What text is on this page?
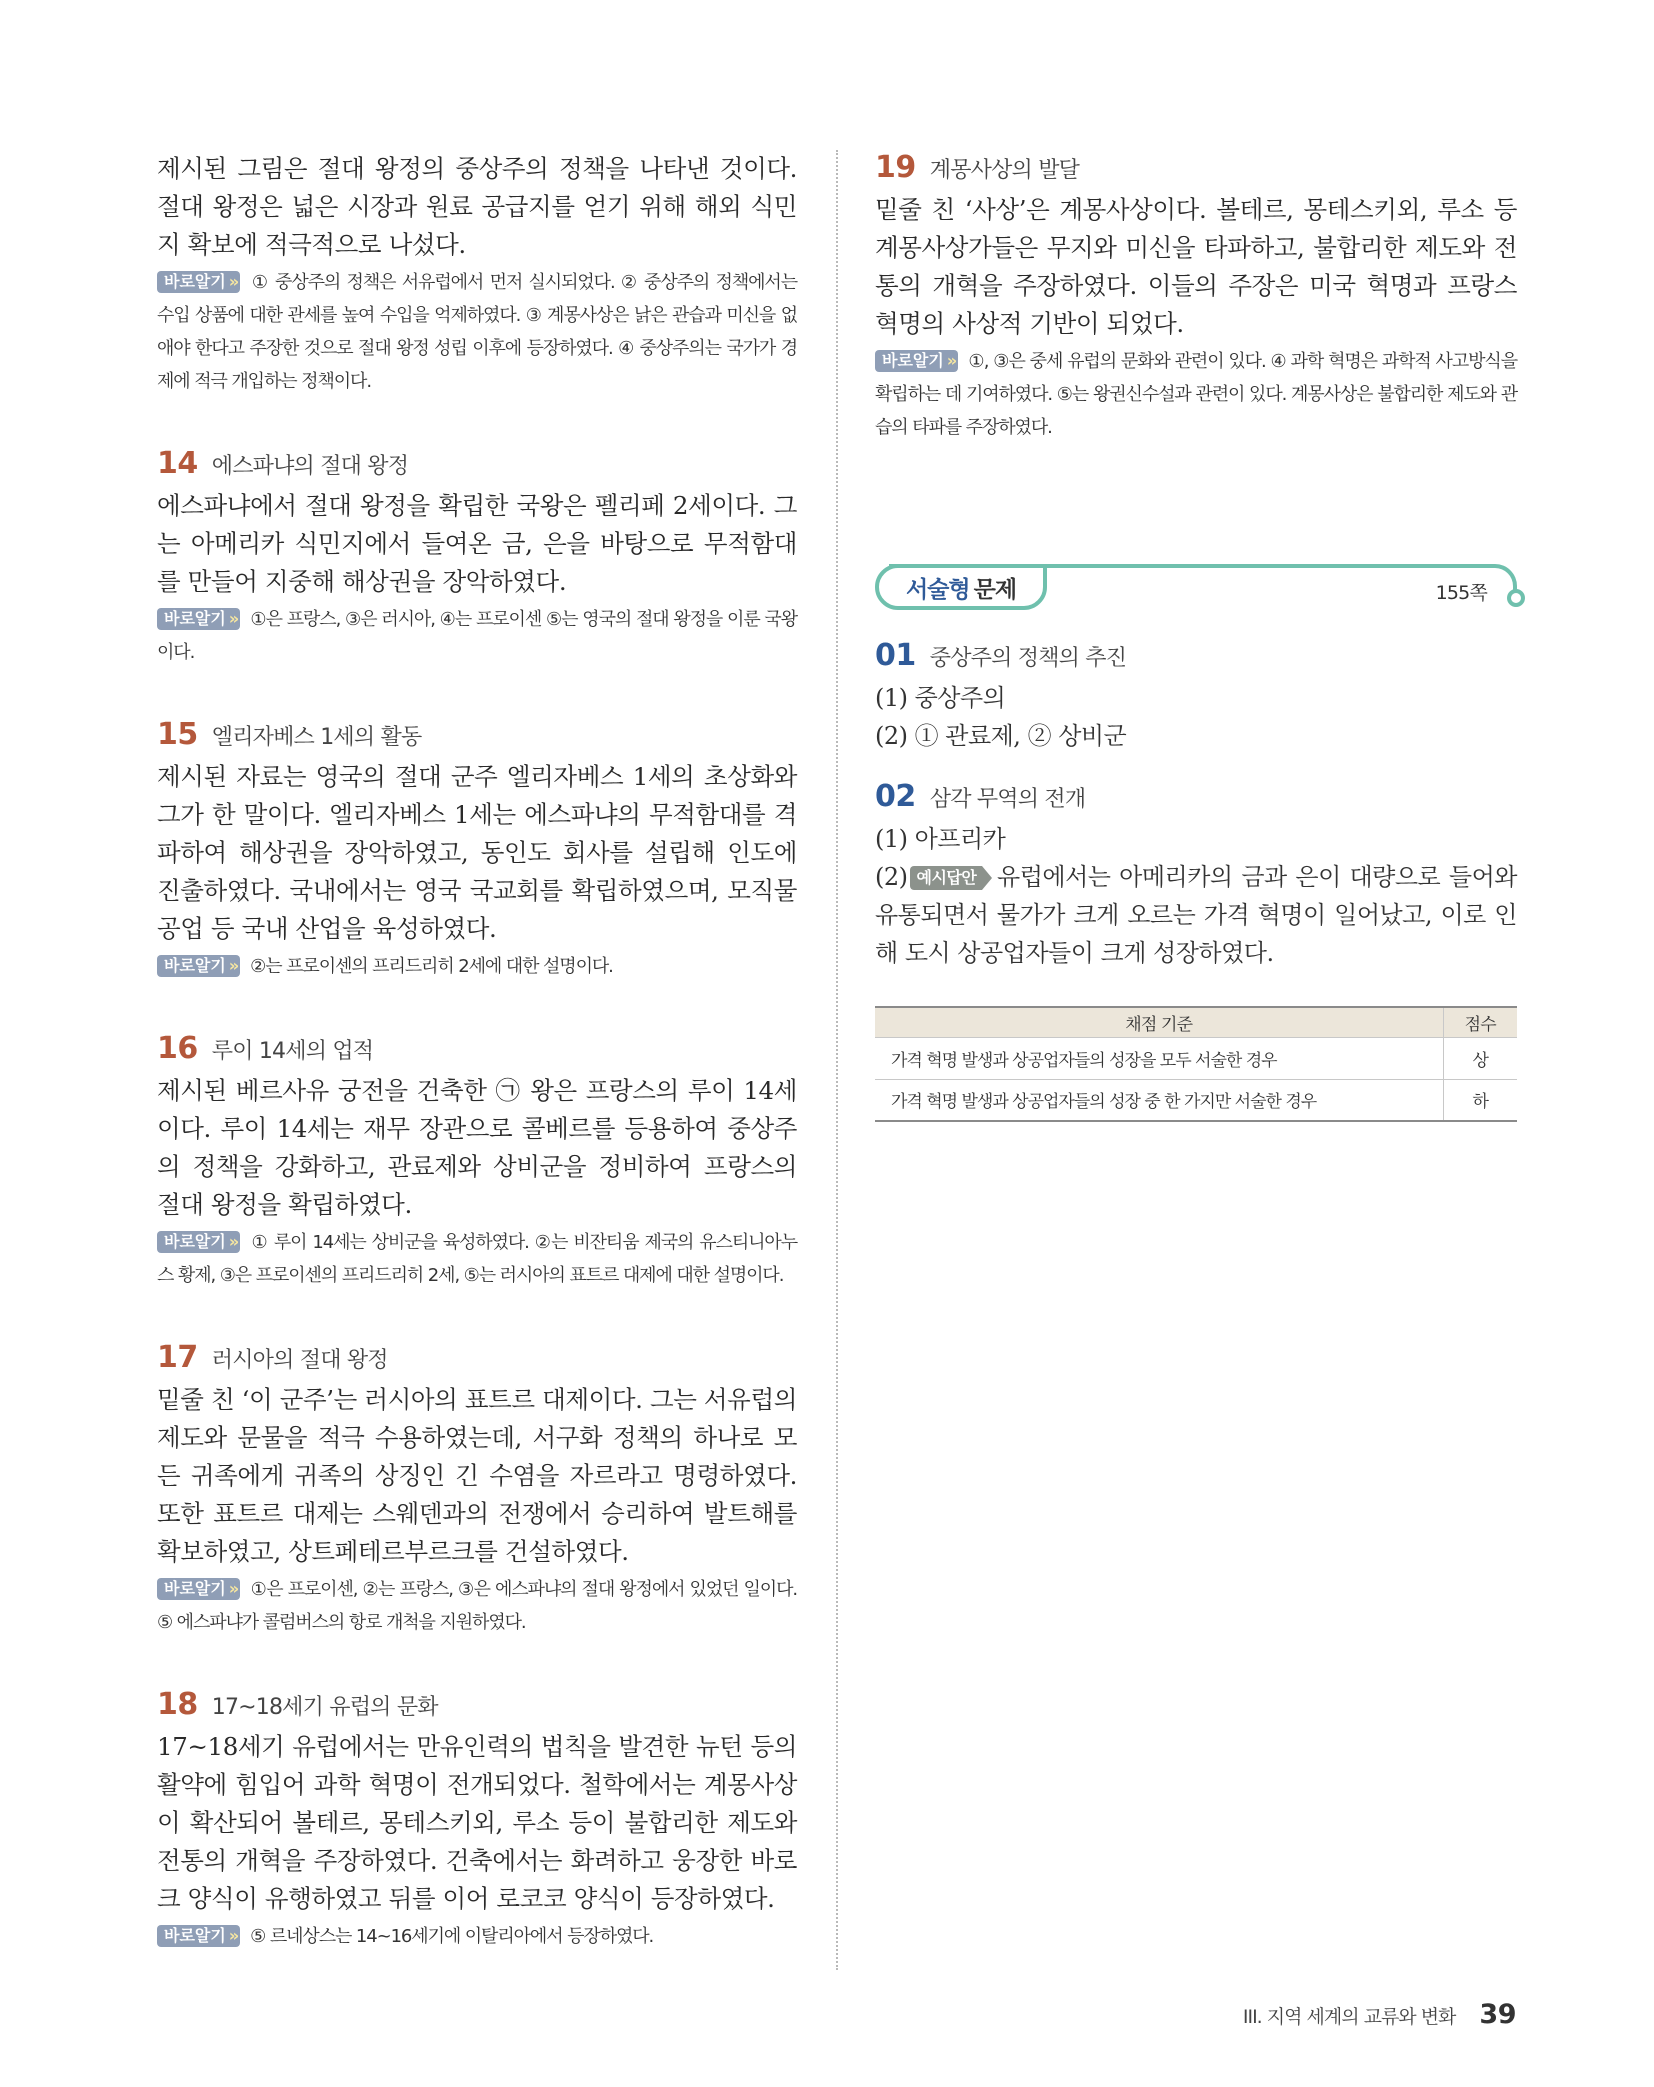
제시된 그림은 절대 왕정의 중상주의 정책을 나타낸 것이다. 절대 왕정은 넓은 시장과 원료 공급지를 얻기 위해 해외 식민지 확보에 적극적으로 나섰다.

바로알기 » ① 중상주의 정책은 서유럽에서 먼저 실시되었다. ② 중상주의 정책에서는 수입 상품에 대한 관세를 높여 수입을 억제하였다. ③ 계몽사상은 낡은 관습과 미신을 없애야 한다고 주장한 것으로 절대 왕정 성립 이후에 등장하였다. ④ 중상주의는 국가가 경제에 적극 개입하는 정책이다.

14 에스파냐의 절대 왕정

에스파냐에서 절대 왕정을 확립한 국왕은 펠리페 2세이다. 그는 아메리카 식민지에서 들여온 금, 은을 바탕으로 무적함대를 만들어 지중해 해상권을 장악하였다.

바로알기 » ①은 프랑스, ③은 러시아, ④는 프로이센 ⑤는 영국의 절대 왕정을 이룬 국왕이다.

15 엘리자베스 1세의 활동

제시된 자료는 영국의 절대 군주 엘리자베스 1세의 초상화와 그가 한 말이다. 엘리자베스 1세는 에스파냐의 무적함대를 격파하여 해상권을 장악하였고, 동인도 회사를 설립해 인도에 진출하였다. 국내에서는 영국 국교회를 확립하였으며, 모직물 공업 등 국내 산업을 육성하였다.

바로알기 » ②는 프로이센의 프리드리히 2세에 대한 설명이다.

16 루이 14세의 업적

제시된 베르사유 궁전을 건축한 ㉠ 왕은 프랑스의 루이 14세이다. 루이 14세는 재무 장관으로 콜베르를 등용하여 중상주의 정책을 강화하고, 관료제와 상비군을 정비하여 프랑스의 절대 왕정을 확립하였다.

바로알기 » ① 루이 14세는 상비군을 육성하였다. ②는 비잔티움 제국의 유스티니아누스 황제, ③은 프로이센의 프리드리히 2세, ⑤는 러시아의 표트르 대제에 대한 설명이다.

17 러시아의 절대 왕정

밑줄 친 ‘이 군주’는 러시아의 표트르 대제이다. 그는 서유럽의 제도와 문물을 적극 수용하였는데, 서구화 정책의 하나로 모든 귀족에게 귀족의 상징인 긴 수염을 자르라고 명령하였다. 또한 표트르 대제는 스웨덴과의 전쟁에서 승리하여 발트해를 확보하였고, 상트페테르부르크를 건설하였다.

바로알기 » ①은 프로이센, ②는 프랑스, ③은 에스파냐의 절대 왕정에서 있었던 일이다. ⑤ 에스파냐가 콜럼버스의 항로 개척을 지원하였다.

18 17~18세기 유럽의 문화

17~18세기 유럽에서는 만유인력의 법칙을 발견한 뉴턴 등의 활약에 힘입어 과학 혁명이 전개되었다. 철학에서는 계몽사상이 확산되어 볼테르, 몽테스키외, 루소 등이 불합리한 제도와 전통의 개혁을 주장하였다. 건축에서는 화려하고 웅장한 바로크 양식이 유행하였고 뒤를 이어 로코코 양식이 등장하였다.

바로알기 » ⑤ 르네상스는 14~16세기에 이탈리아에서 등장하였다.

19 계몽사상의 발달

밑줄 친 ‘사상’은 계몽사상이다. 볼테르, 몽테스키외, 루소 등 계몽사상가들은 무지와 미신을 타파하고, 불합리한 제도와 전통의 개혁을 주장하였다. 이들의 주장은 미국 혁명과 프랑스 혁명의 사상적 기반이 되었다.

바로알기 » ①, ③은 중세 유럽의 문화와 관련이 있다. ④ 과학 혁명은 과학적 사고방식을 확립하는 데 기여하였다. ⑤는 왕권신수설과 관련이 있다. 계몽사상은 불합리한 제도와 관습의 타파를 주장하였다.

서술형 문제	155쪽
01 중상주의 정책의 추진

(1) 중상주의

(2) ① 관료제, ② 상비군

02 삼각 무역의 전개

(1) 아프리카

(2) 예시답안 유럽에서는 아메리카의 금과 은이 대량으로 들어와 유통되면서 물가가 크게 오르는 가격 혁명이 일어났고, 이로 인해 도시 상공업자들이 크게 성장하였다.

채점 기준	점수
가격 혁명 발생과 상공업자들의 성장을 모두 서술한 경우	상
가격 혁명 발생과 상공업자들의 성장 중 한 가지만 서술한 경우	하
III. 지역 세계의 교류와 변화 39
